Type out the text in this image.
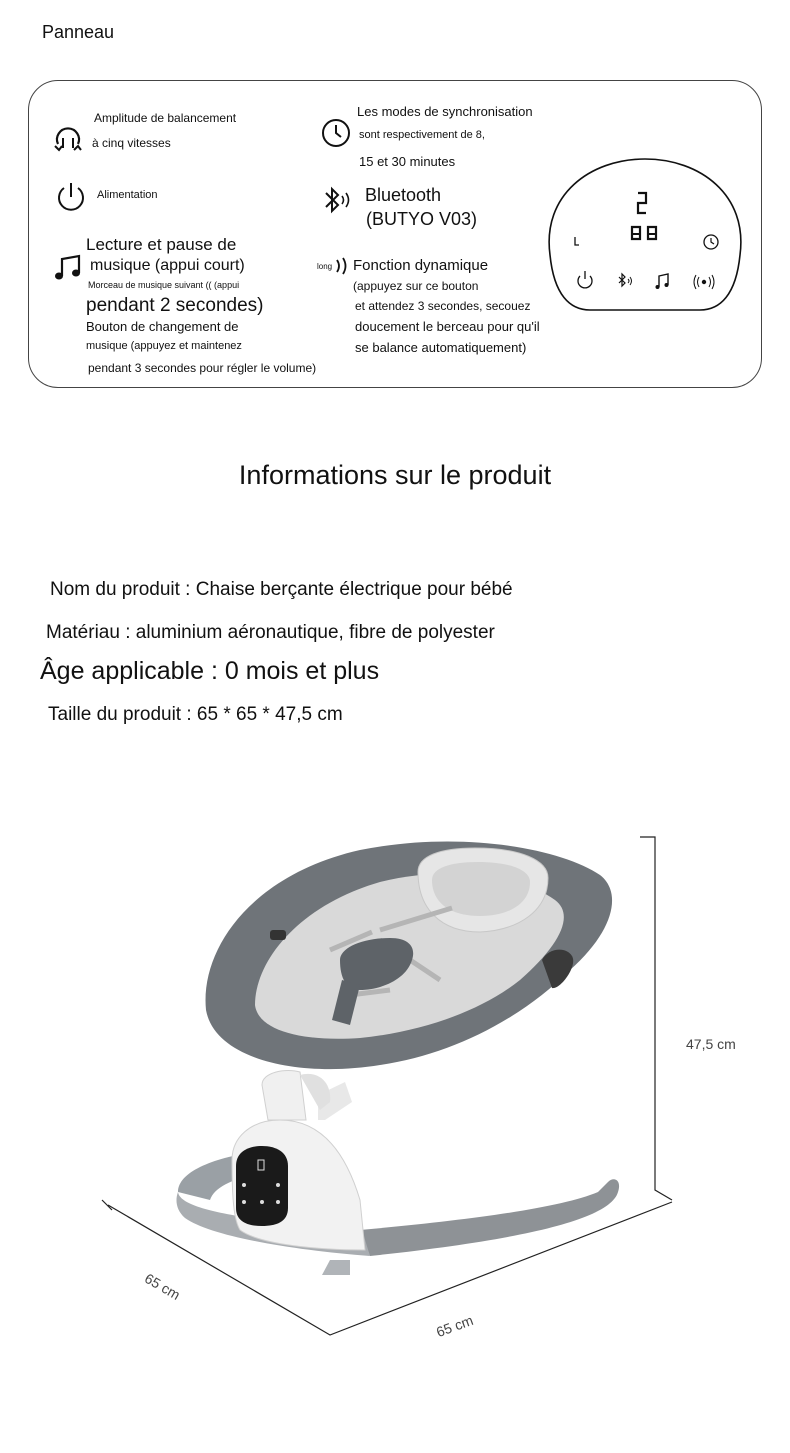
Panneau
Amplitude de balancement
à cinq vitesses
Alimentation
Lecture et pause de
musique (appui court)
Morceau de musique suivant (( (appui
pendant 2 secondes)
Bouton de changement de
musique (appuyez et maintenez
pendant 3 secondes pour régler le volume)
Les modes de synchronisation
sont respectivement de 8,
15 et 30 minutes
Bluetooth
(BUTYO V03)
long Fonction dynamique
(appuyez sur ce bouton
et attendez 3 secondes, secouez
doucement le berceau pour qu'il
se balance automatiquement)
Informations sur le produit
Nom du produit : Chaise berçante électrique pour bébé
Matériau : aluminium aéronautique, fibre de polyester
Âge applicable : 0 mois et plus
Taille du produit : 65 * 65 * 47,5 cm
47,5 cm
65 cm
65 cm
